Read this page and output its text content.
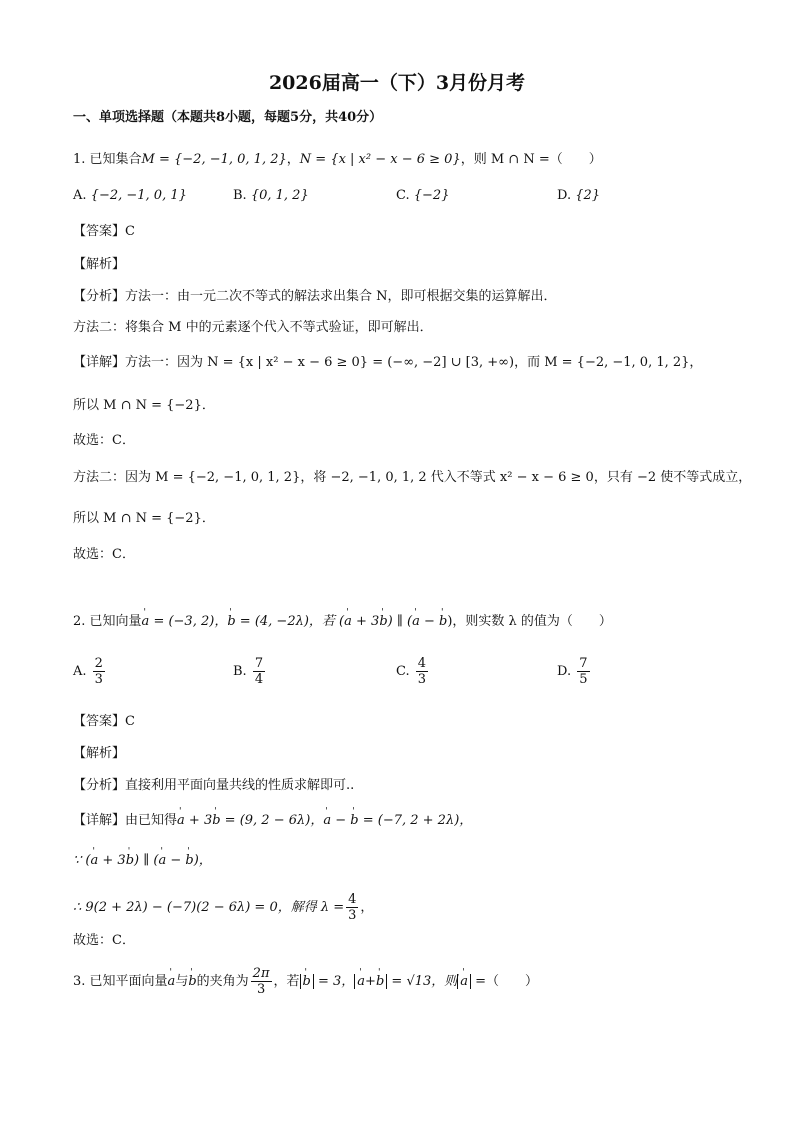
2026届高一（下）3月份月考
一、单项选择题（本题共8小题，每题5分，共40分）
1. 已知集合M = {−2, −1, 0, 1, 2}，N = {x | x² − x − 6 ≥ 0}，则 M ∩ N =（　　）
A. {−2, −1, 0, 1}	B. {0, 1, 2}	C. {−2}	D. {2}
【答案】C
【解析】
【分析】方法一：由一元二次不等式的解法求出集合 N，即可根据交集的运算解出．
方法二：将集合 M 中的元素逐个代入不等式验证，即可解出．
【详解】方法一：因为 N = {x | x² − x − 6 ≥ 0} = (−∞, −2] ∪ [3, +∞)，而 M = {−2, −1, 0, 1, 2}，
所以 M ∩ N = {−2}．
故选：C．
方法二：因为 M = {−2, −1, 0, 1, 2}，将 −2, −1, 0, 1, 2 代入不等式 x² − x − 6 ≥ 0，只有 −2 使不等式成立，
所以 M ∩ N = {−2}．
故选：C．
2. 已知向量' a = (−3, 2)，' b = (4, −2λ)，若 (' a + 3' b) ∥ (' a − ' b)，则实数 λ 的值为（　　）
A. $\frac{2}{3}$	B. $\frac{7}{4}$	C. $\frac{4}{3}$	D. $\frac{7}{5}$
【答案】C
【解析】
【分析】直接利用平面向量共线的性质求解即可..
【详解】由已知得' a + 3' b = (9, 2 − 6λ)，' a − ' b = (−7, 2 + 2λ)，
∵ (' a + 3' b) ∥ (' a − ' b)，
∴ 9(2 + 2λ) − (−7)(2 − 6λ) = 0，解得 $\lambda = \frac{4}{3}$ ，
故选：C．
3. 已知平面向量' a与' b的夹角为 $\frac{2\pi}{3}$ ，若 ' b = 3， ' a+' b = √13，则 ' a =（　　）
